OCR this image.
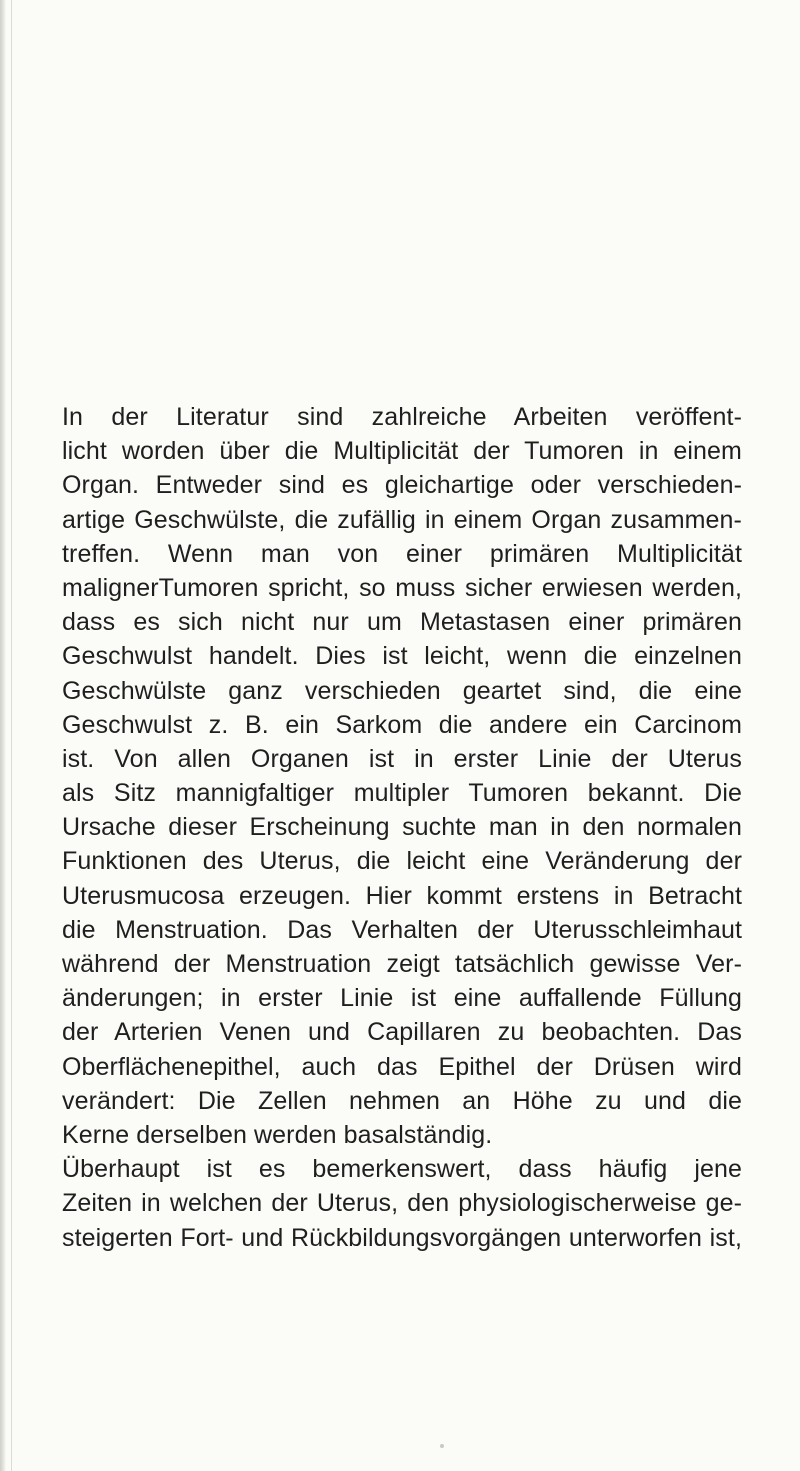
In der Literatur sind zahlreiche Arbeiten veröffent-
licht worden über die Multiplicität der Tumoren in einem
Organ. Entweder sind es gleichartige oder verschieden-
artige Geschwülste, die zufällig in einem Organ zusammen-
treffen. Wenn man von einer primären Multiplicität
malignerTumoren spricht, so muss sicher erwiesen werden,
dass es sich nicht nur um Metastasen einer primären
Geschwulst handelt. Dies ist leicht, wenn die einzelnen
Geschwülste ganz verschieden geartet sind, die eine
Geschwulst z. B. ein Sarkom die andere ein Carcinom
ist. Von allen Organen ist in erster Linie der Uterus
als Sitz mannigfaltiger multipler Tumoren bekannt. Die
Ursache dieser Erscheinung suchte man in den normalen
Funktionen des Uterus, die leicht eine Veränderung der
Uterusmucosa erzeugen. Hier kommt erstens in Betracht
die Menstruation. Das Verhalten der Uterusschleimhaut
während der Menstruation zeigt tatsächlich gewisse Ver-
änderungen; in erster Linie ist eine auffallende Füllung
der Arterien Venen und Capillaren zu beobachten. Das
Oberflächenepithel, auch das Epithel der Drüsen wird
verändert: Die Zellen nehmen an Höhe zu und die
Kerne derselben werden basalständig.
Überhaupt ist es bemerkenswert, dass häufig jene
Zeiten in welchen der Uterus, den physiologischerweise ge-
steigerten Fort- und Rückbildungsvorgängen unterworfen ist,
